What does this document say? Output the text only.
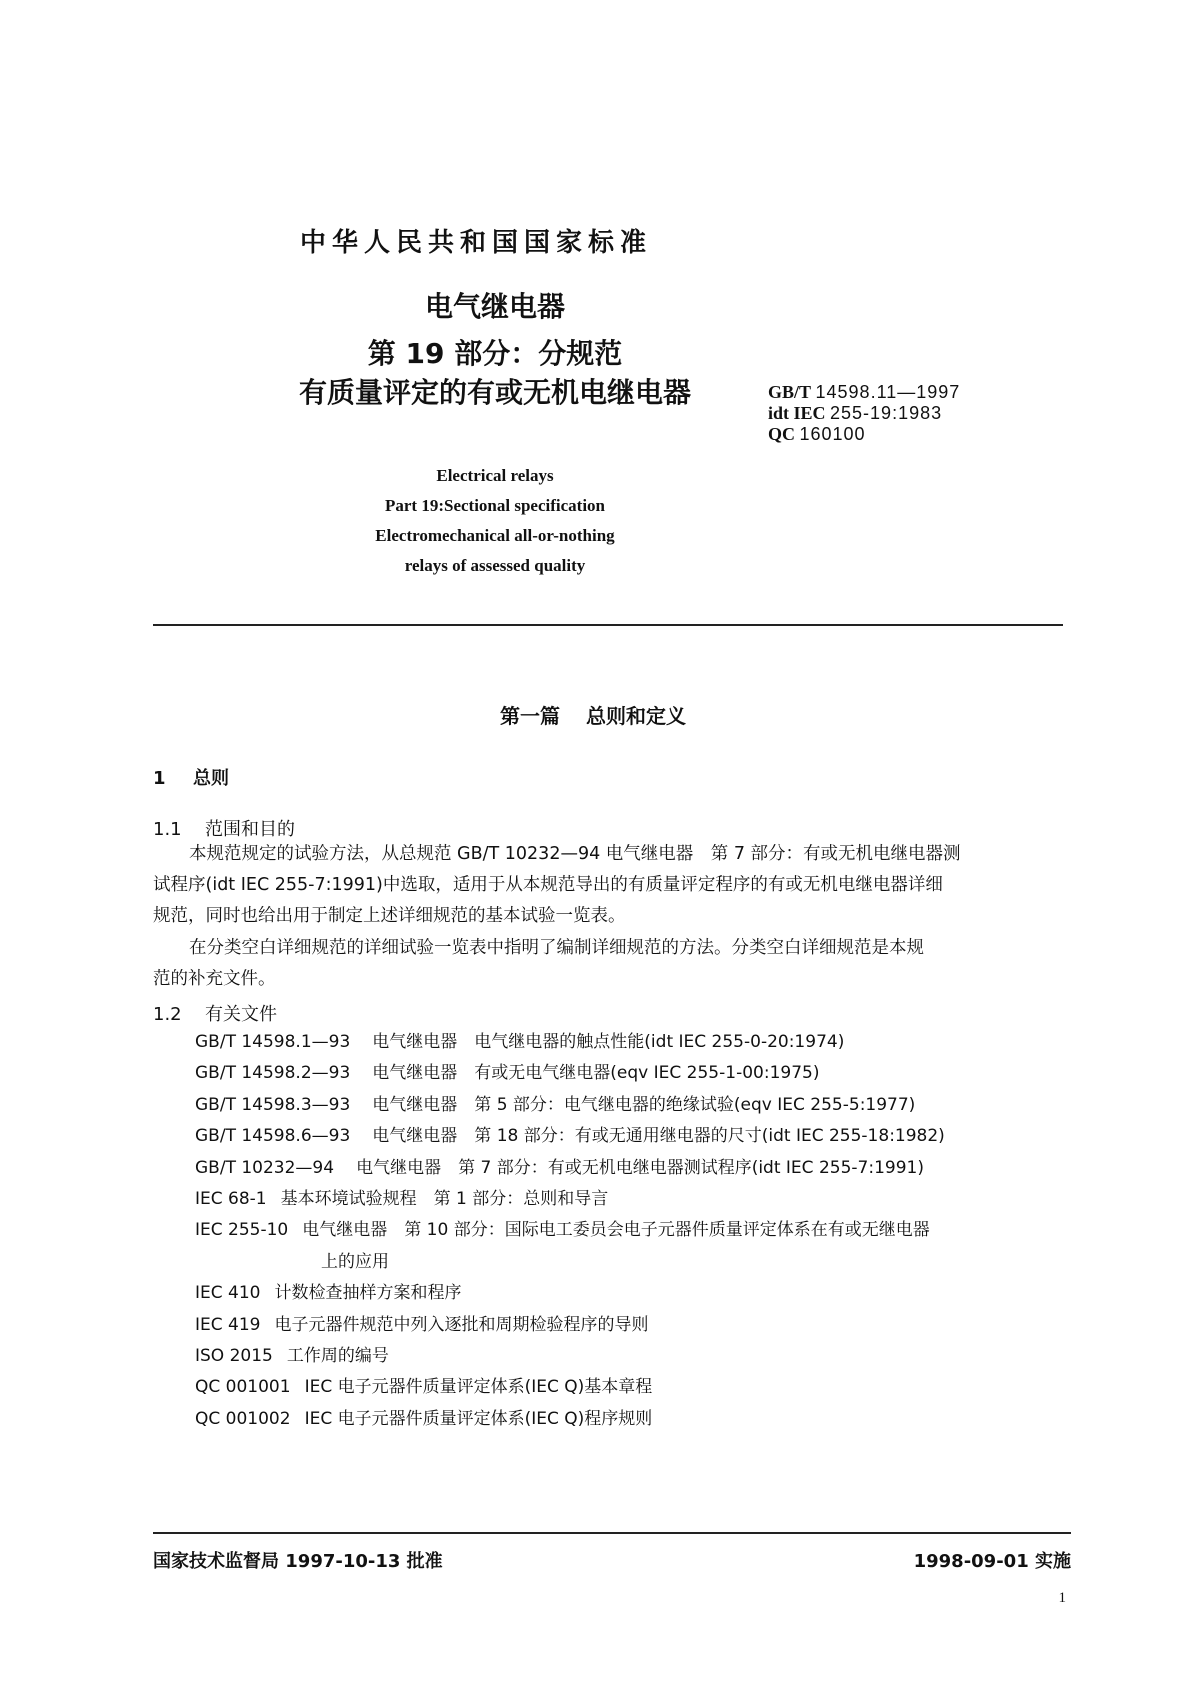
中华人民共和国国家标准
电气继电器
第 19 部分：分规范
有质量评定的有或无机电继电器	GB/T 14598.11—1997
idt IEC 255-19:1983
QC 160100
Electrical relays
Part 19:Sectional specification
Electromechanical all-or-nothing
relays of assessed quality
第一篇 总则和定义
1 总则
1.1 范围和目的
本规范规定的试验方法，从总规范 GB/T 10232—94 电气继电器　第 7 部分：有或无机电继电器测
试程序(idt IEC 255-7:1991)中选取，适用于从本规范导出的有质量评定程序的有或无机电继电器详细
规范，同时也给出用于制定上述详细规范的基本试验一览表。
在分类空白详细规范的详细试验一览表中指明了编制详细规范的方法。分类空白详细规范是本规
范的补充文件。
1.2 有关文件
GB/T 14598.1—93 电气继电器　电气继电器的触点性能(idt IEC 255-0-20:1974)
GB/T 14598.2—93 电气继电器　有或无电气继电器(eqv IEC 255-1-00:1975)
GB/T 14598.3—93 电气继电器　第 5 部分：电气继电器的绝缘试验(eqv IEC 255-5:1977)
GB/T 14598.6—93 电气继电器　第 18 部分：有或无通用继电器的尺寸(idt IEC 255-18:1982)
GB/T 10232—94 电气继电器　第 7 部分：有或无机电继电器测试程序(idt IEC 255-7:1991)
IEC 68-1 基本环境试验规程　第 1 部分：总则和导言
IEC 255-10 电气继电器　第 10 部分：国际电工委员会电子元器件质量评定体系在有或无继电器
上的应用
IEC 410 计数检查抽样方案和程序
IEC 419 电子元器件规范中列入逐批和周期检验程序的导则
ISO 2015 工作周的编号
QC 001001 IEC 电子元器件质量评定体系(IEC Q)基本章程
QC 001002 IEC 电子元器件质量评定体系(IEC Q)程序规则
国家技术监督局 1997-10-13 批准	1998-09-01 实施
1
